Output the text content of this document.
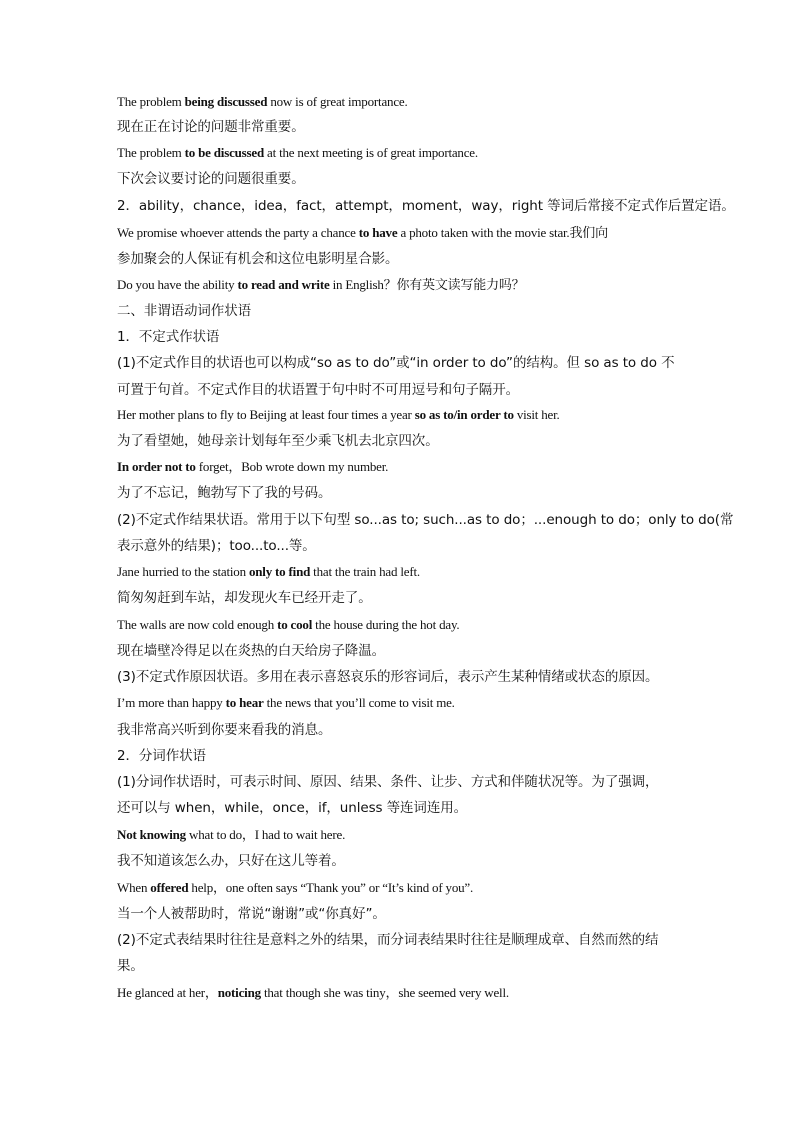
The problem being discussed now is of great importance.
现在正在讨论的问题非常重要。
The problem to be discussed at the next meeting is of great importance.
下次会议要讨论的问题很重要。
2．ability，chance，idea，fact，attempt，moment，way，right 等词后常接不定式作后置定语。
We promise whoever attends the party a chance to have a photo taken with the movie star.我们向
参加聚会的人保证有机会和这位电影明星合影。
Do you have the ability to read and write in English？你有英文读写能力吗？
二、非谓语动词作状语
1．不定式作状语
(1)不定式作目的状语也可以构成“so as to do”或“in order to do”的结构。但 so as to do 不
可置于句首。不定式作目的状语置于句中时不可用逗号和句子隔开。
Her mother plans to fly to Beijing at least four times a year so as to/in order to visit her.
为了看望她，她母亲计划每年至少乘飞机去北京四次。
In order not to forget，Bob wrote down my number.
为了不忘记，鲍勃写下了我的号码。
(2)不定式作结果状语。常用于以下句型 so...as to; such...as to do；...enough to do；only to do(常
表示意外的结果)；too...to...等。
Jane hurried to the station only to find that the train had left.
简匆匆赶到车站，却发现火车已经开走了。
The walls are now cold enough to cool the house during the hot day.
现在墙壁冷得足以在炎热的白天给房子降温。
(3)不定式作原因状语。多用在表示喜怒哀乐的形容词后，表示产生某种情绪或状态的原因。
I’m more than happy to hear the news that you’ll come to visit me.
我非常高兴听到你要来看我的消息。
2．分词作状语
(1)分词作状语时，可表示时间、原因、结果、条件、让步、方式和伴随状况等。为了强调，
还可以与 when，while，once，if，unless 等连词连用。
Not knowing what to do，I had to wait here.
我不知道该怎么办，只好在这儿等着。
When offered help，one often says “Thank you” or “It’s kind of you”.
当一个人被帮助时，常说“谢谢”或“你真好”。
(2)不定式表结果时往往是意料之外的结果，而分词表结果时往往是顺理成章、自然而然的结
果。
He glanced at her，noticing that though she was tiny，she seemed very well.
